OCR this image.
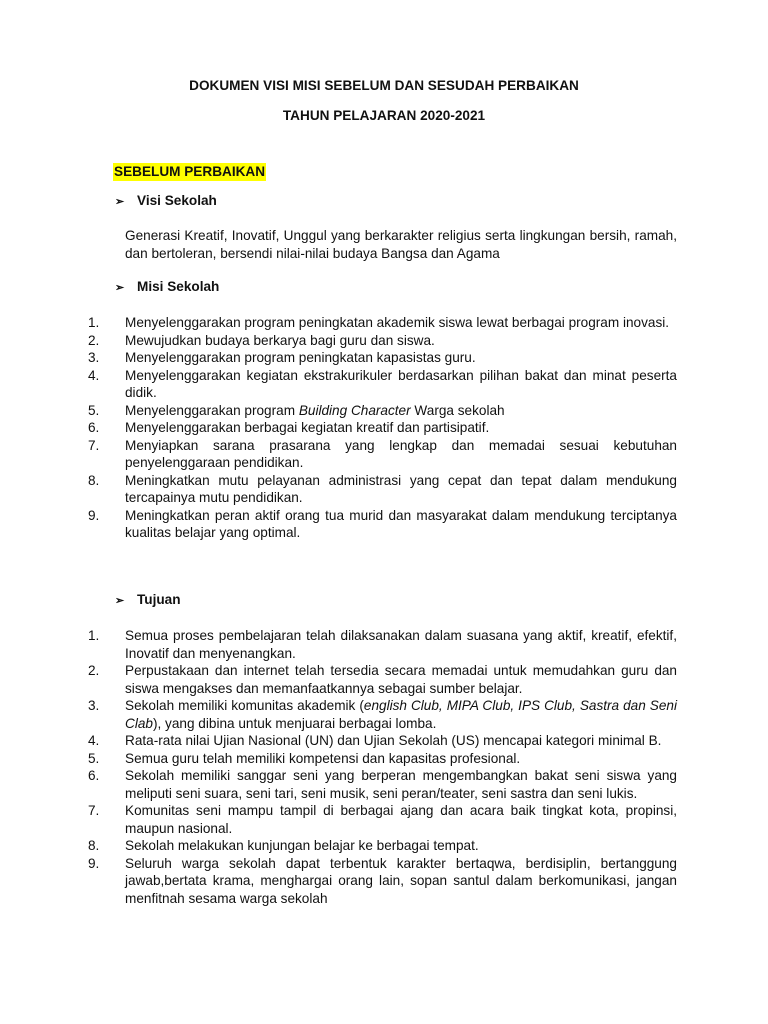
DOKUMEN VISI MISI SEBELUM DAN SESUDAH PERBAIKAN
TAHUN PELAJARAN 2020-2021
SEBELUM PERBAIKAN
➢ Visi Sekolah
Generasi Kreatif, Inovatif, Unggul yang berkarakter religius serta lingkungan bersih, ramah, dan bertoleran, bersendi nilai-nilai budaya Bangsa dan Agama
➢ Misi Sekolah
1.	Menyelenggarakan program peningkatan akademik siswa lewat berbagai program inovasi.
2.	Mewujudkan budaya berkarya bagi guru dan siswa.
3.	Menyelenggarakan program peningkatan kapasistas guru.
4.	Menyelenggarakan kegiatan ekstrakurikuler berdasarkan pilihan bakat dan minat peserta didik.
5.	Menyelenggarakan program Building Character Warga sekolah
6.	Menyelenggarakan berbagai kegiatan kreatif dan partisipatif.
7.	Menyiapkan sarana prasarana yang lengkap dan memadai sesuai kebutuhan penyelenggaraan pendidikan.
8.	Meningkatkan mutu pelayanan administrasi yang cepat dan tepat dalam mendukung tercapainya mutu pendidikan.
9.	Meningkatkan peran aktif orang tua murid dan masyarakat dalam mendukung terciptanya kualitas belajar yang optimal.
➢ Tujuan
1.	Semua proses pembelajaran telah dilaksanakan dalam suasana yang aktif, kreatif, efektif, Inovatif dan menyenangkan.
2.	Perpustakaan dan internet telah tersedia secara memadai untuk memudahkan guru dan siswa mengakses dan memanfaatkannya sebagai sumber belajar.
3.	Sekolah memiliki komunitas akademik (english Club, MIPA Club, IPS Club, Sastra dan Seni Clab), yang dibina untuk menjuarai berbagai lomba.
4.	Rata-rata nilai Ujian Nasional (UN) dan Ujian Sekolah (US) mencapai kategori minimal B.
5.	Semua guru telah memiliki kompetensi dan kapasitas profesional.
6.	Sekolah memiliki sanggar seni yang berperan mengembangkan bakat seni siswa yang meliputi seni suara, seni tari, seni musik, seni peran/teater, seni sastra dan seni lukis.
7.	Komunitas seni mampu tampil di berbagai ajang dan acara baik tingkat kota, propinsi, maupun nasional.
8.	Sekolah melakukan kunjungan belajar ke berbagai tempat.
9.	Seluruh warga sekolah dapat terbentuk karakter bertaqwa, berdisiplin, bertanggung jawab,bertata krama, menghargai orang lain, sopan santul dalam berkomunikasi, jangan menfitnah sesama warga sekolah
